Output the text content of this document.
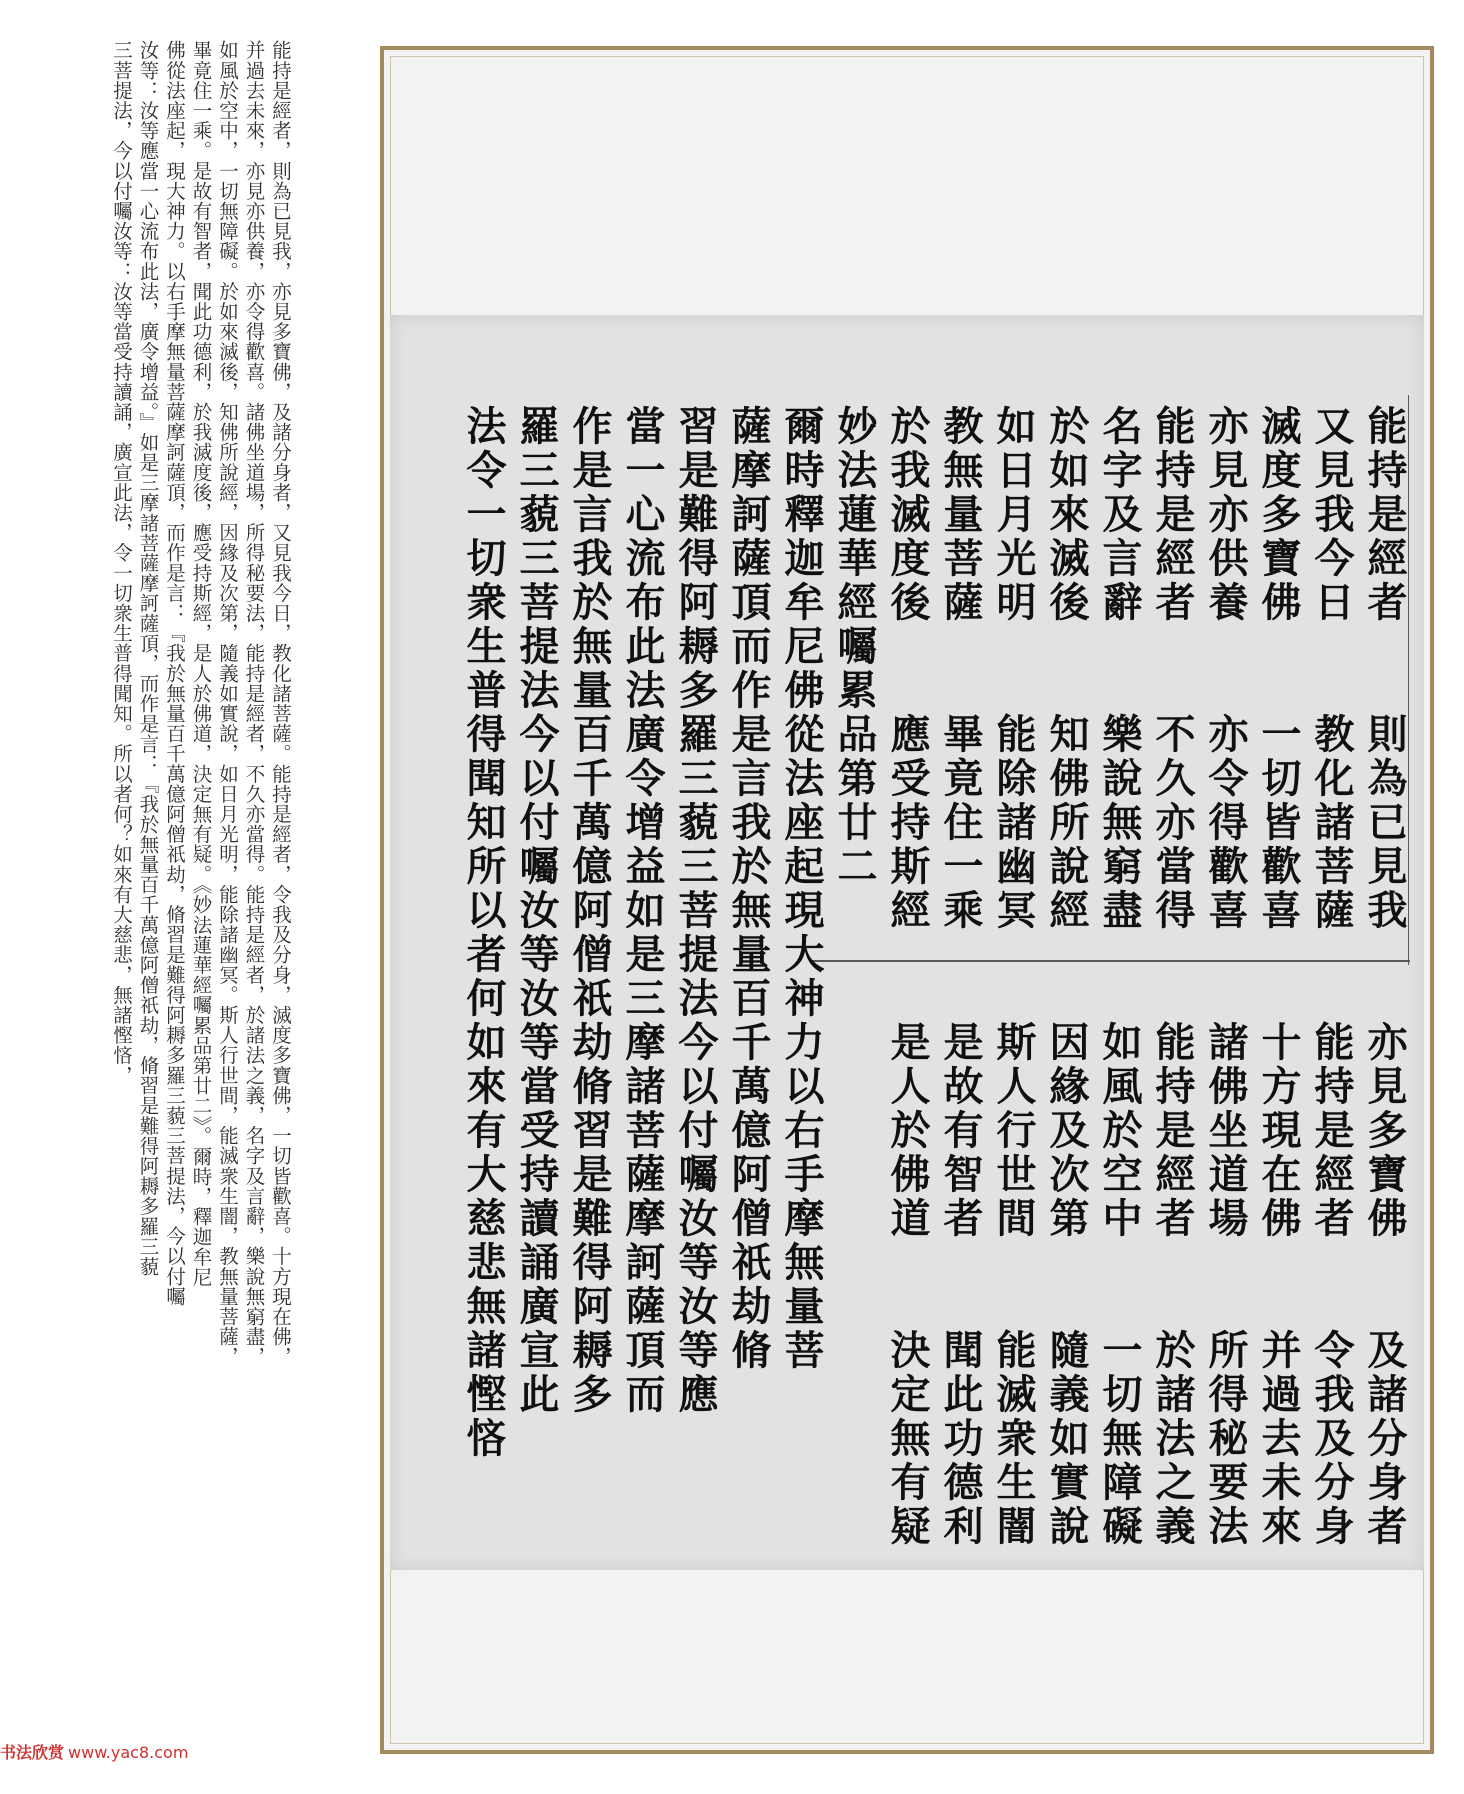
能持是經者，則為已見我，亦見多寶佛，及諸分身者，又見我今日，教化諸菩薩。能持是經者，令我及分身，滅度多寶佛，一切皆歡喜。十方現在佛，
并過去未來，亦見亦供養，亦令得歡喜。諸佛坐道場，所得秘要法，能持是經者，不久亦當得。能持是經者，於諸法之義，名字及言辭，樂說無窮盡，
如風於空中，一切無障礙。於如來滅後，知佛所說經，因緣及次第，隨義如實說，如日月光明，能除諸幽冥。斯人行世間，能滅衆生闇，教無量菩薩，
畢竟住一乘。是故有智者，聞此功德利，於我滅度後，應受持斯經，是人於佛道，決定無有疑。《妙法蓮華經囑累品第廿二》。爾時，釋迦牟尼
佛從法座起，現大神力。以右手摩無量菩薩摩訶薩頂，而作是言：『我於無量百千萬億阿僧祇劫，脩習是難得阿耨多羅三藐三菩提法，今以付囑
汝等：汝等應當一心流布此法，廣令增益。』如是三摩諸菩薩摩訶薩頂，而作是言：『我於無量百千萬億阿僧祇劫，脩習是難得阿耨多羅三藐
三菩提法，今以付囑汝等：汝等當受持讀誦，廣宣此法，令一切衆生普得聞知。所以者何？如來有大慈悲，無諸慳悋，
书法欣赏 www.yac8.com
能持是經者　　則為已見我　　亦見多寶佛　　及諸分身者
又見我今日　　教化諸菩薩　　能持是經者　　令我及分身
滅度多寶佛　　一切皆歡喜　　十方現在佛　　并過去未來
亦見亦供養　　亦令得歡喜　　諸佛坐道場　　所得秘要法
能持是經者　　不久亦當得　　能持是經者　　於諸法之義
名字及言辭　　樂說無窮盡　　如風於空中　　一切無障礙
於如來滅後　　知佛所說經　　因緣及次第　　隨義如實說
如日月光明　　能除諸幽冥　　斯人行世間　　能滅衆生闇
教無量菩薩　　畢竟住一乘　　是故有智者　　聞此功德利
於我滅度後　　應受持斯經　　是人於佛道　　決定無有疑
妙法蓮華經囑累品第廿二
爾時釋迦牟尼佛從法座起現大神力以右手摩無量菩
薩摩訶薩頂而作是言我於無量百千萬億阿僧祇劫脩
習是難得阿耨多羅三藐三菩提法今以付囑汝等汝等應
當一心流布此法廣令增益如是三摩諸菩薩摩訶薩頂而
作是言我於無量百千萬億阿僧祇劫脩習是難得阿耨多
羅三藐三菩提法今以付囑汝等汝等當受持讀誦廣宣此
法令一切衆生普得聞知所以者何如來有大慈悲無諸慳悋
